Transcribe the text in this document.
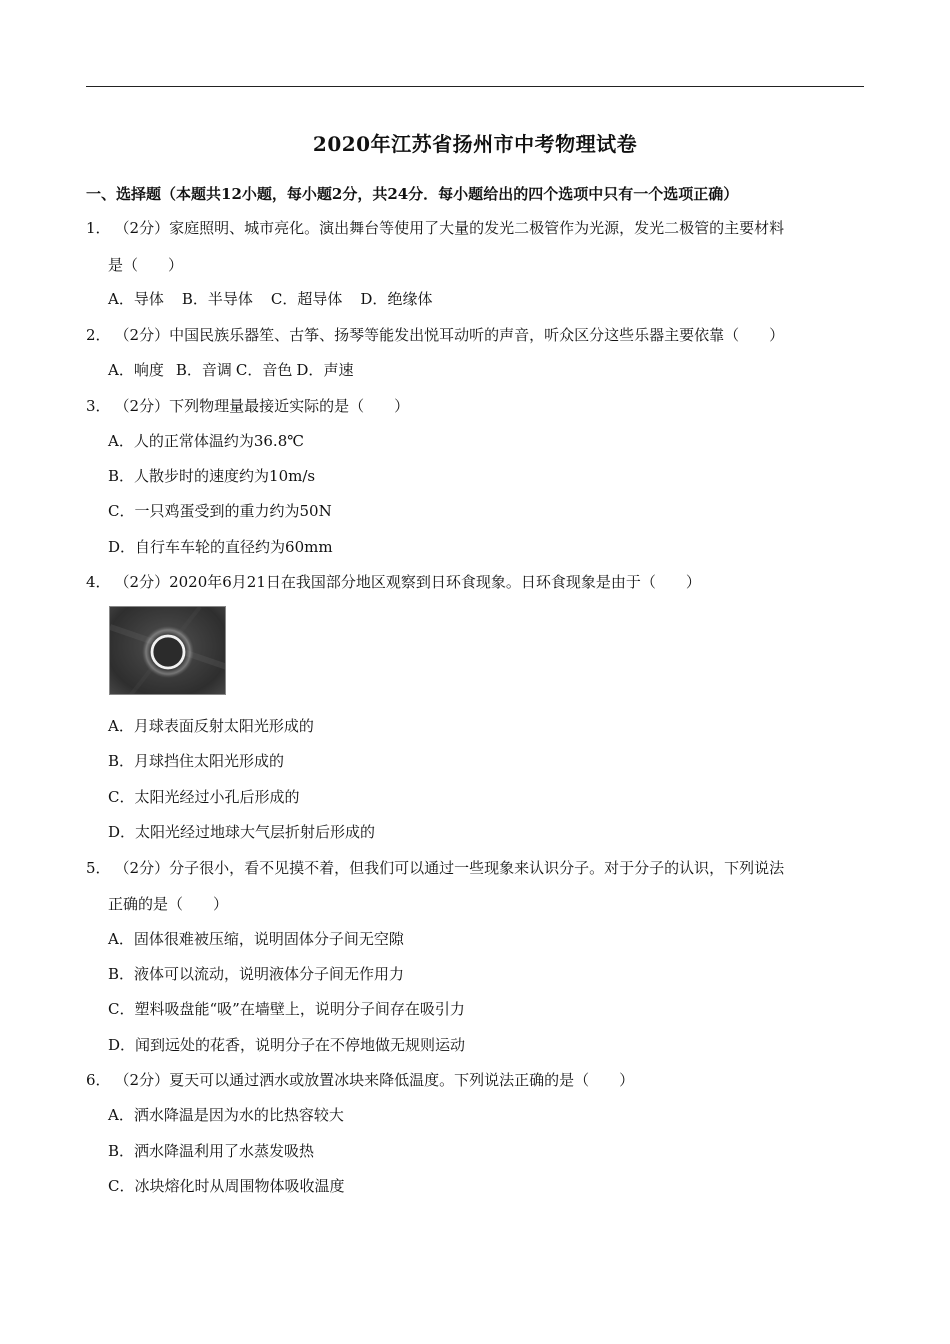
2020年江苏省扬州市中考物理试卷
一、选择题（本题共12小题，每小题2分，共24分．每小题给出的四个选项中只有一个选项正确）
1． （2分）家庭照明、城市亮化。演出舞台等使用了大量的发光二极管作为光源，发光二极管的主要材料
是（　　）
A．导体 B．半导体 C．超导体 D．绝缘体
2． （2分）中国民族乐器笙、古筝、扬琴等能发出悦耳动听的声音，听众区分这些乐器主要依靠（　　）
A．响度 B．音调 C．音色 D．声速
3． （2分）下列物理量最接近实际的是（　　）
A．人的正常体温约为36.8℃
B．人散步时的速度约为10m/s
C．一只鸡蛋受到的重力约为50N
D．自行车车轮的直径约为60mm
4． （2分）2020年6月21日在我国部分地区观察到日环食现象。日环食现象是由于（　　）
A．月球表面反射太阳光形成的
B．月球挡住太阳光形成的
C．太阳光经过小孔后形成的
D．太阳光经过地球大气层折射后形成的
5． （2分）分子很小，看不见摸不着，但我们可以通过一些现象来认识分子。对于分子的认识，下列说法
正确的是（　　）
A．固体很难被压缩，说明固体分子间无空隙
B．液体可以流动，说明液体分子间无作用力
C．塑料吸盘能“吸”在墙壁上，说明分子间存在吸引力
D．闻到远处的花香，说明分子在不停地做无规则运动
6． （2分）夏天可以通过洒水或放置冰块来降低温度。下列说法正确的是（　　）
A．洒水降温是因为水的比热容较大
B．洒水降温利用了水蒸发吸热
C．冰块熔化时从周围物体吸收温度
